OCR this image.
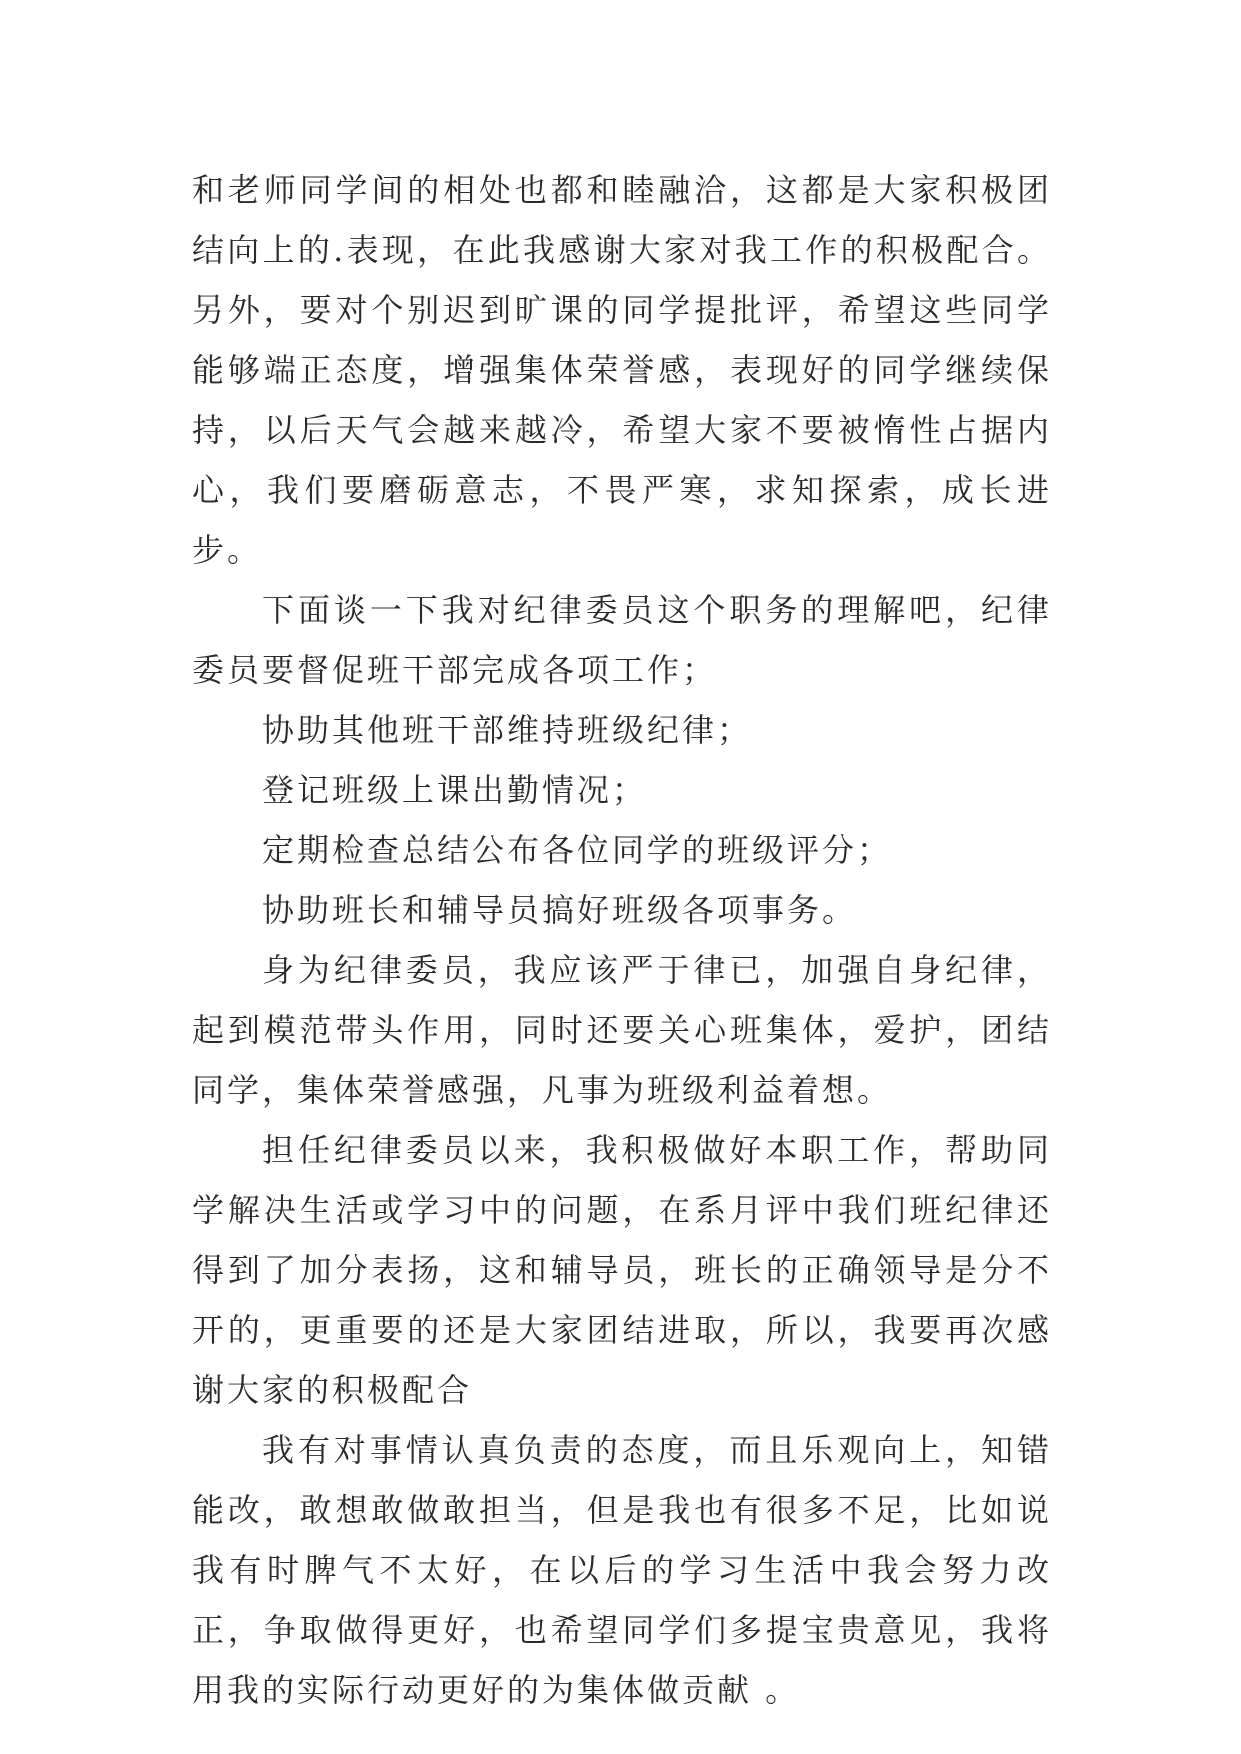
和老师同学间的相处也都和睦融洽，这都是大家积极团结向上的.表现，在此我感谢大家对我工作的积极配合。另外，要对个别迟到旷课的同学提批评，希望这些同学能够端正态度，增强集体荣誉感，表现好的同学继续保持，以后天气会越来越冷，希望大家不要被惰性占据内心，我们要磨砺意志，不畏严寒，求知探索，成长进步。

下面谈一下我对纪律委员这个职务的理解吧，纪律委员要督促班干部完成各项工作；

协助其他班干部维持班级纪律；

登记班级上课出勤情况；

定期检查总结公布各位同学的班级评分；

协助班长和辅导员搞好班级各项事务。

身为纪律委员，我应该严于律已，加强自身纪律，起到模范带头作用，同时还要关心班集体，爱护，团结同学，集体荣誉感强，凡事为班级利益着想。

担任纪律委员以来，我积极做好本职工作，帮助同学解决生活或学习中的问题，在系月评中我们班纪律还得到了加分表扬，这和辅导员，班长的正确领导是分不开的，更重要的还是大家团结进取，所以，我要再次感谢大家的积极配合

我有对事情认真负责的态度，而且乐观向上，知错能改，敢想敢做敢担当，但是我也有很多不足，比如说我有时脾气不太好，在以后的学习生活中我会努力改正，争取做得更好，也希望同学们多提宝贵意见，我将用我的实际行动更好的为集体做贡献 。
